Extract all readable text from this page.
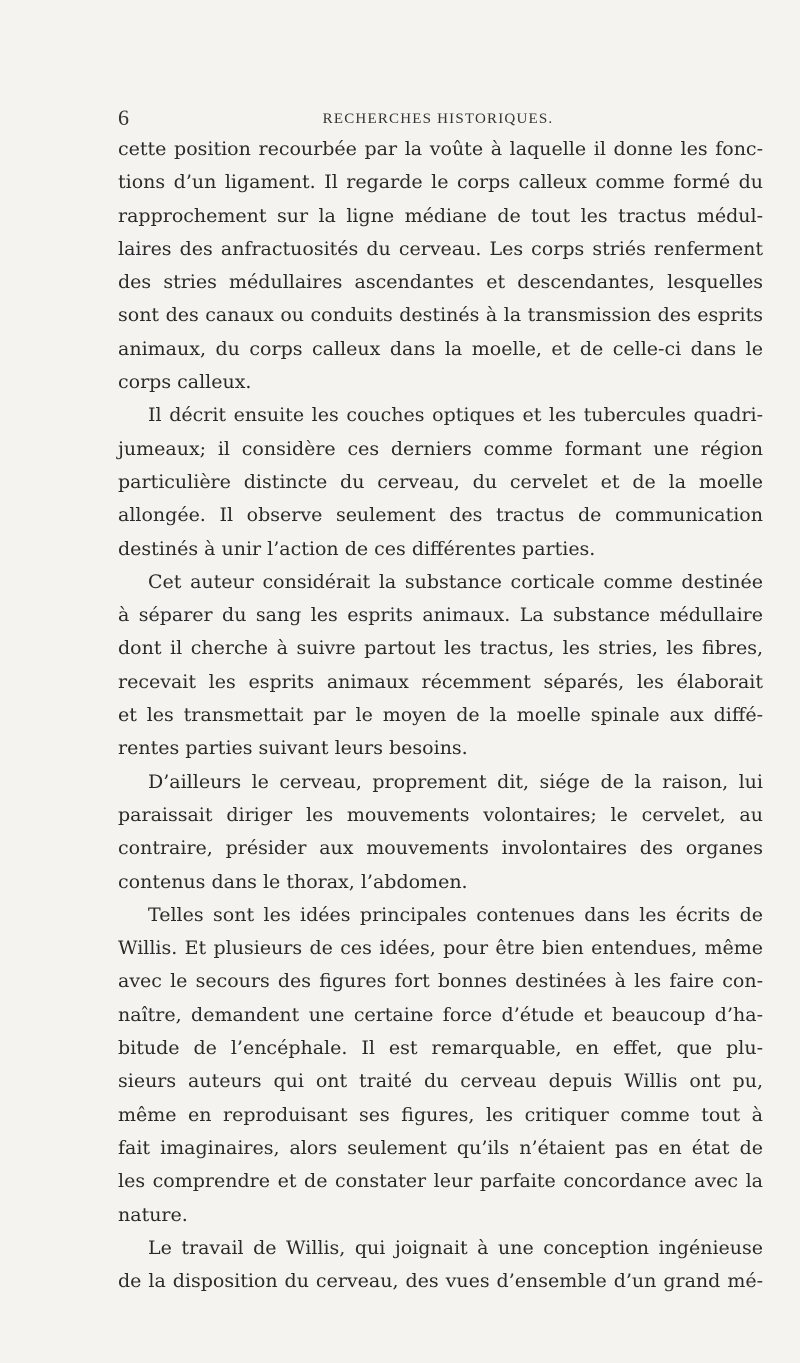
6	RECHERCHES HISTORIQUES.
cette position recourbée par la voûte à laquelle il donne les fonc-
tions d’un ligament. Il regarde le corps calleux comme formé du
rapprochement sur la ligne médiane de tout les tractus médul-
laires des anfractuosités du cerveau. Les corps striés renferment
des stries médullaires ascendantes et descendantes, lesquelles
sont des canaux ou conduits destinés à la transmission des esprits
animaux, du corps calleux dans la moelle, et de celle-ci dans le
corps calleux.
Il décrit ensuite les couches optiques et les tubercules quadri-
jumeaux; il considère ces derniers comme formant une région
particulière distincte du cerveau, du cervelet et de la moelle
allongée. Il observe seulement des tractus de communication
destinés à unir l’action de ces différentes parties.
Cet auteur considérait la substance corticale comme destinée
à séparer du sang les esprits animaux. La substance médullaire
dont il cherche à suivre partout les tractus, les stries, les fibres,
recevait les esprits animaux récemment séparés, les élaborait
et les transmettait par le moyen de la moelle spinale aux diffé-
rentes parties suivant leurs besoins.
D’ailleurs le cerveau, proprement dit, siége de la raison, lui
paraissait diriger les mouvements volontaires; le cervelet, au
contraire, présider aux mouvements involontaires des organes
contenus dans le thorax, l’abdomen.
Telles sont les idées principales contenues dans les écrits de
Willis. Et plusieurs de ces idées, pour être bien entendues, même
avec le secours des figures fort bonnes destinées à les faire con-
naître, demandent une certaine force d’étude et beaucoup d’ha-
bitude de l’encéphale. Il est remarquable, en effet, que plu-
sieurs auteurs qui ont traité du cerveau depuis Willis ont pu,
même en reproduisant ses figures, les critiquer comme tout à
fait imaginaires, alors seulement qu’ils n’étaient pas en état de
les comprendre et de constater leur parfaite concordance avec la
nature.
Le travail de Willis, qui joignait à une conception ingénieuse
de la disposition du cerveau, des vues d’ensemble d’un grand mé-
